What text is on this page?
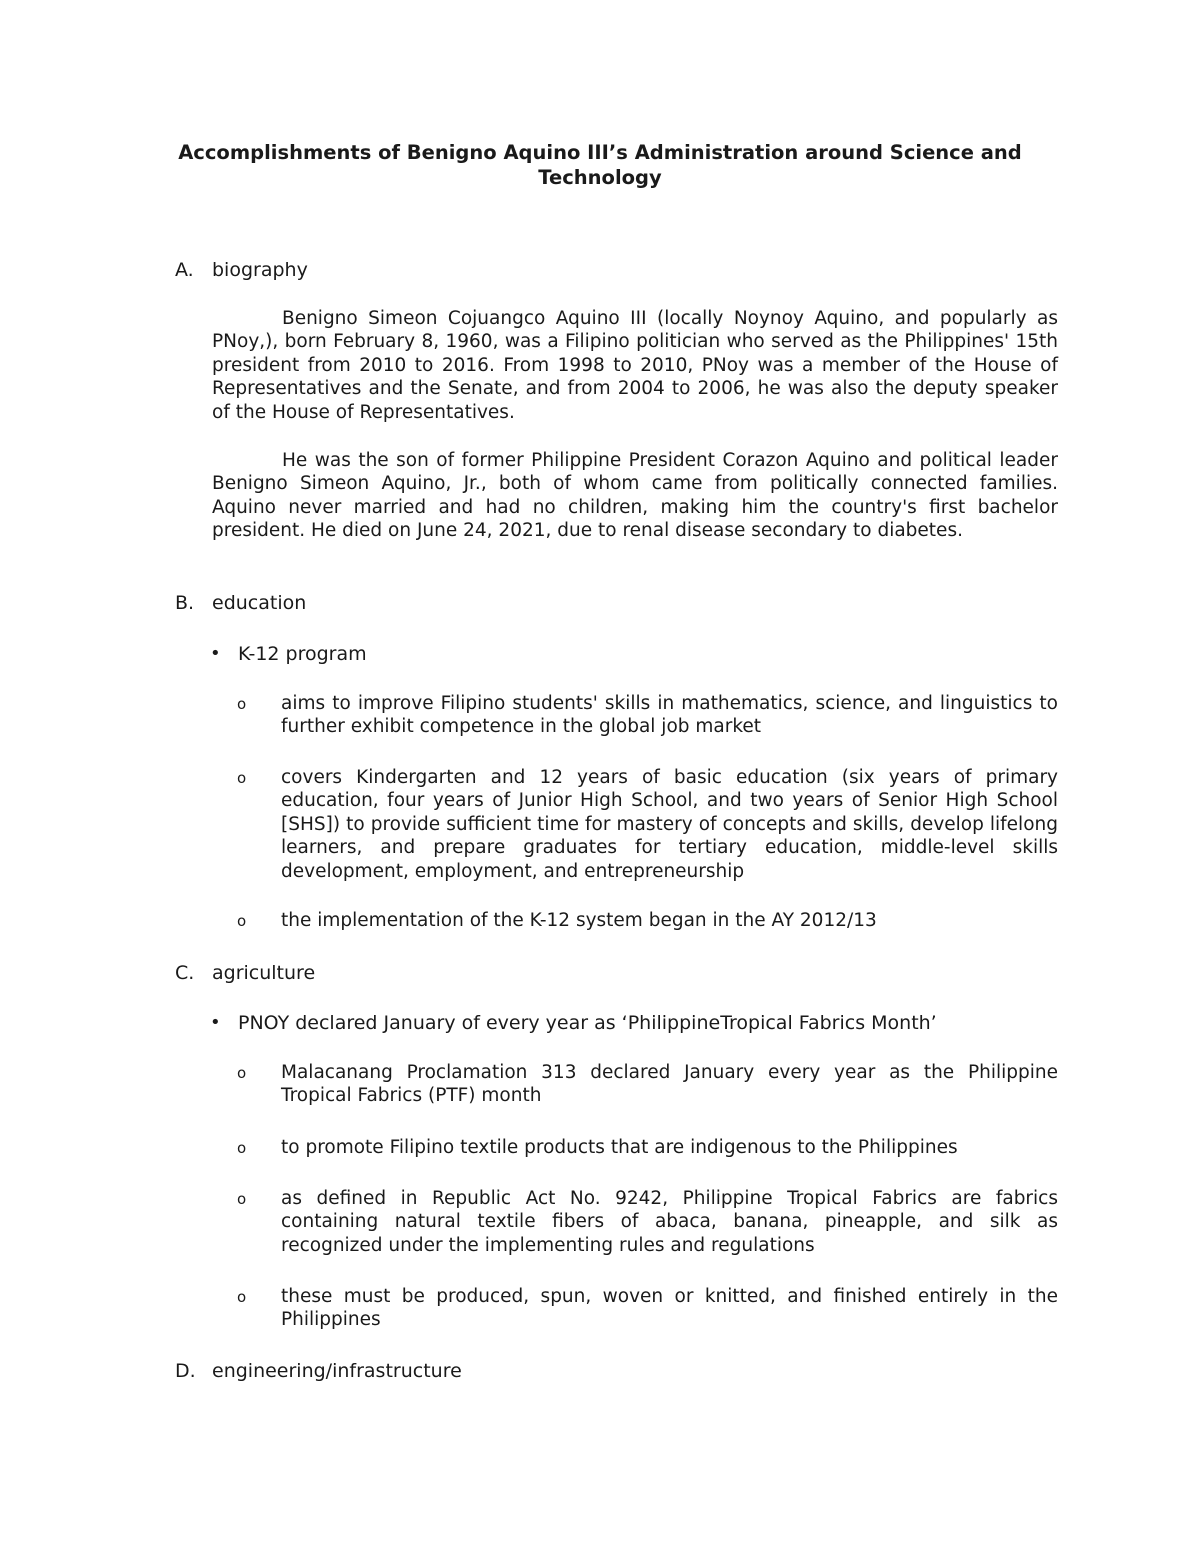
Accomplishments of Benigno Aquino III’s Administration around Science and Technology
A. biography

Benigno Simeon Cojuangco Aquino III (locally Noynoy Aquino, and popularly as PNoy,), born February 8, 1960, was a Filipino politician who served as the Philippines' 15th president from 2010 to 2016. From 1998 to 2010, PNoy was a member of the House of Representatives and the Senate, and from 2004 to 2006, he was also the deputy speaker of the House of Representatives.

He was the son of former Philippine President Corazon Aquino and political leader Benigno Simeon Aquino, Jr., both of whom came from politically connected families. Aquino never married and had no children, making him the country's first bachelor president. He died on June 24, 2021, due to renal disease secondary to diabetes.

B. education
• K-12 program
o aims to improve Filipino students' skills in mathematics, science, and linguistics to further exhibit competence in the global job market

o covers Kindergarten and 12 years of basic education (six years of primary education, four years of Junior High School, and two years of Senior High School [SHS]) to provide sufficient time for mastery of concepts and skills, develop lifelong learners, and prepare graduates for tertiary education, middle-level skills development, employment, and entrepreneurship

o the implementation of the K-12 system began in the AY 2012/13

C. agriculture
• PNOY declared January of every year as ‘PhilippineTropical Fabrics Month’
o Malacanang Proclamation 313 declared January every year as the Philippine Tropical Fabrics (PTF) month

o to promote Filipino textile products that are indigenous to the Philippines

o as defined in Republic Act No. 9242, Philippine Tropical Fabrics are fabrics containing natural textile fibers of abaca, banana, pineapple, and silk as recognized under the implementing rules and regulations

o these must be produced, spun, woven or knitted, and finished entirely in the Philippines

D. engineering/infrastructure
